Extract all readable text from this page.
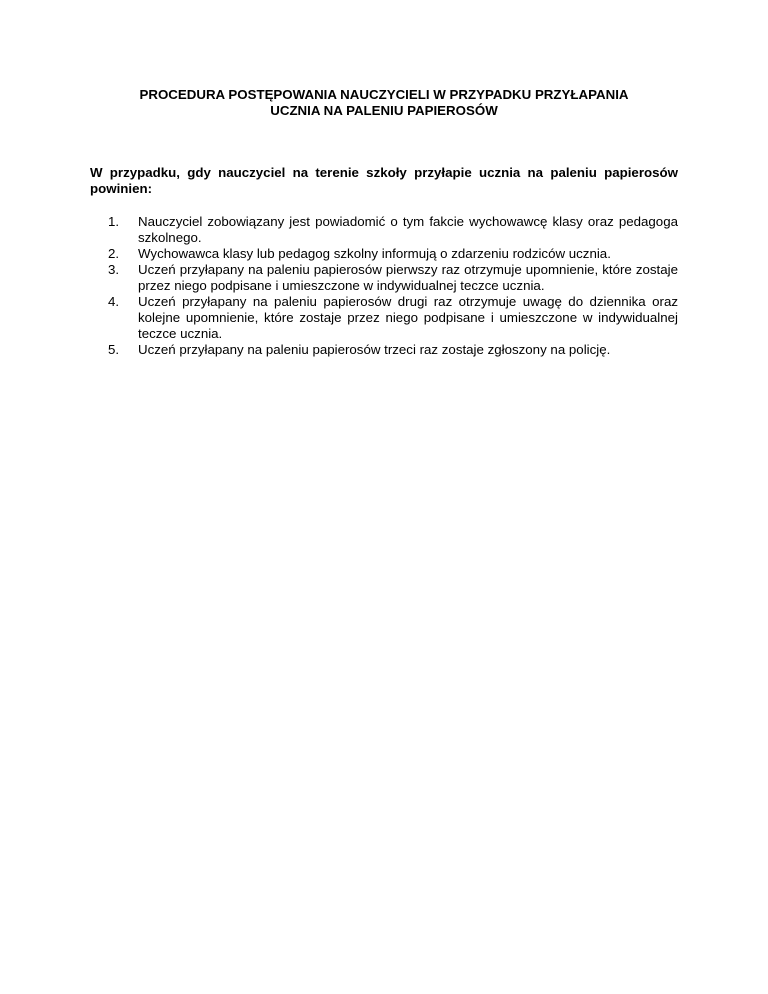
PROCEDURA POSTĘPOWANIA NAUCZYCIELI W PRZYPADKU PRZYŁAPANIA
UCZNIA NA PALENIU PAPIEROSÓW

W przypadku, gdy nauczyciel na terenie szkoły przyłapie ucznia na paleniu papierosów powinien:

1.	Nauczyciel zobowiązany jest powiadomić o tym fakcie wychowawcę klasy oraz pedagoga szkolnego.
2.	Wychowawca klasy lub pedagog szkolny informują o zdarzeniu rodziców ucznia.
3.	Uczeń przyłapany na paleniu papierosów pierwszy raz otrzymuje upomnienie, które zostaje przez niego podpisane i umieszczone w indywidualnej teczce ucznia.
4.	Uczeń przyłapany na paleniu papierosów drugi raz otrzymuje uwagę do dziennika oraz kolejne upomnienie, które zostaje przez niego podpisane i umieszczone w indywidualnej teczce ucznia.
5.	Uczeń przyłapany na paleniu papierosów trzeci raz zostaje zgłoszony na policję.
